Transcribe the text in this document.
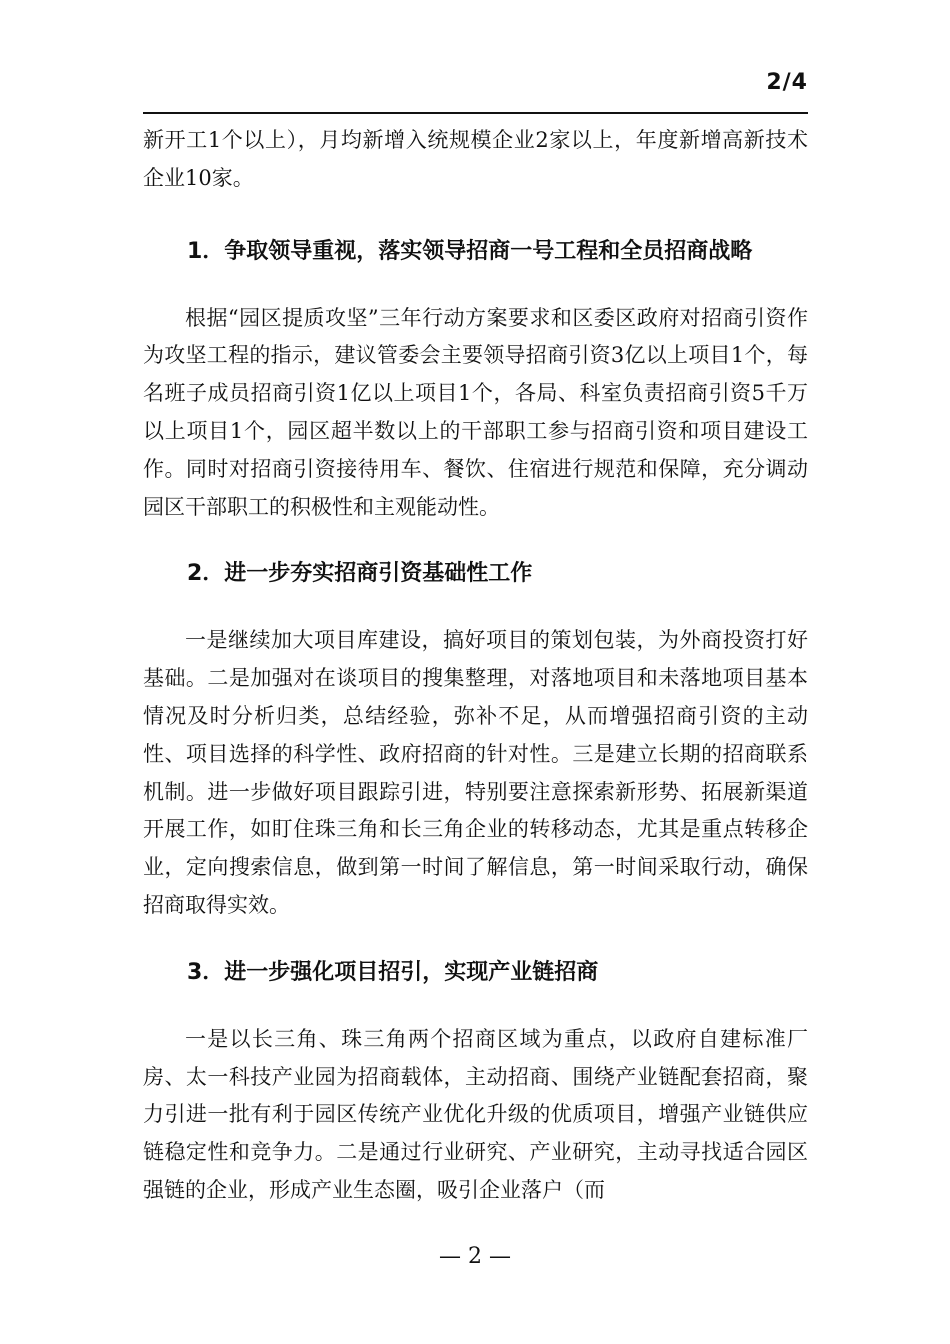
2/4

新开工1个以上），月均新增入统规模企业2家以上，年度新增高新技术企业10家。

1．争取领导重视，落实领导招商一号工程和全员招商战略

根据“园区提质攻坚”三年行动方案要求和区委区政府对招商引资作为攻坚工程的指示，建议管委会主要领导招商引资3亿以上项目1个，每名班子成员招商引资1亿以上项目1个，各局、科室负责招商引资5千万以上项目1个，园区超半数以上的干部职工参与招商引资和项目建设工作。同时对招商引资接待用车、餐饮、住宿进行规范和保障，充分调动园区干部职工的积极性和主观能动性。

2．进一步夯实招商引资基础性工作

一是继续加大项目库建设，搞好项目的策划包装，为外商投资打好基础。二是加强对在谈项目的搜集整理，对落地项目和未落地项目基本情况及时分析归类，总结经验，弥补不足，从而增强招商引资的主动性、项目选择的科学性、政府招商的针对性。三是建立长期的招商联系机制。进一步做好项目跟踪引进，特别要注意探索新形势、拓展新渠道开展工作，如盯住珠三角和长三角企业的转移动态，尤其是重点转移企业，定向搜索信息，做到第一时间了解信息，第一时间采取行动，确保招商取得实效。

3．进一步强化项目招引，实现产业链招商

一是以长三角、珠三角两个招商区域为重点，以政府自建标准厂房、太一科技产业园为招商载体，主动招商、围绕产业链配套招商，聚力引进一批有利于园区传统产业优化升级的优质项目，增强产业链供应链稳定性和竞争力。二是通过行业研究、产业研究，主动寻找适合园区强链的企业，形成产业生态圈，吸引企业落户（而

— 2 —
